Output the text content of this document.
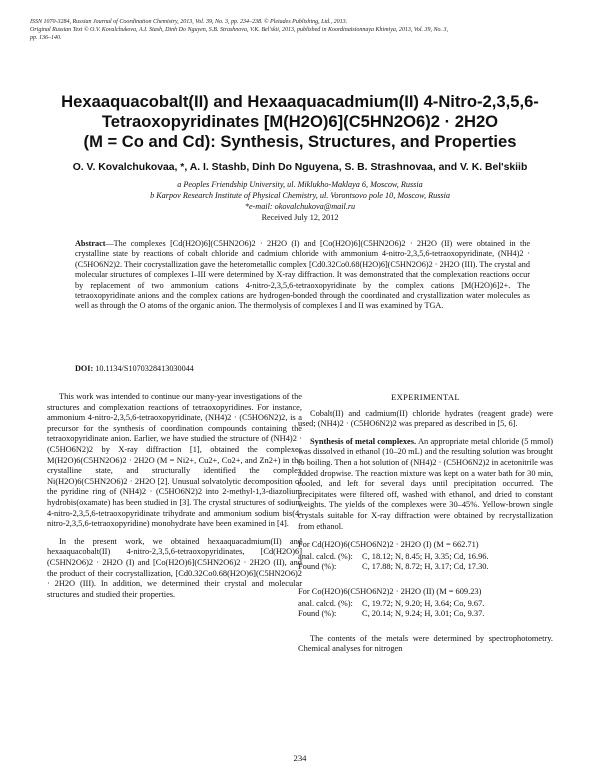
ISSN 1070-3284, Russian Journal of Coordination Chemistry, 2013, Vol. 39, No. 3, pp. 234–238. © Pleiades Publishing, Ltd., 2013.
Original Russian Text © O.V. Kovalchukova, A.I. Stash, Dinh Do Nguyen, S.B. Strashnova, V.K. Bel'skii, 2013, published in Koordinatsionnaya Khimiya, 2013, Vol. 39, No. 3,
pp. 136–140.
Hexaaquacobalt(II) and Hexaaquacadmium(II) 4-Nitro-2,3,5,6-
Tetraoxopyridinates [M(H2O)6](C5HN2O6)2 · 2H2O
(M = Co and Cd): Synthesis, Structures, and Properties
O. V. Kovalchukovaa, *, A. I. Stashb, Dinh Do Nguyena, S. B. Strashnovaa, and V. K. Bel'skiib
a Peoples Friendship University, ul. Miklukho-Maklaya 6, Moscow, Russia
b Karpov Research Institute of Physical Chemistry, ul. Vorontsovo pole 10, Moscow, Russia
*e-mail: okovalchukova@mail.ru
Received July 12, 2012
Abstract—The complexes [Cd(H2O)6](C5HN2O6)2 · 2H2O (I) and [Co(H2O)6](C5HN2O6)2 · 2H2O (II) were obtained in the crystalline state by reactions of cobalt chloride and cadmium chloride with ammonium 4-nitro-2,3,5,6-tetraoxopyridinate, (NH4)2 · (C5HO6N2)2. Their cocrystallization gave the heterometallic complex [Cd0.32Co0.68(H2O)6](C5HN2O6)2 · 2H2O (III). The crystal and molecular structures of complexes I–III were determined by X-ray diffraction. It was demonstrated that the complexation reactions occur by replacement of two ammonium cations 4-nitro-2,3,5,6-tetraoxopyridinate by the complex cations [M(H2O)6]2+. The tetraoxopyridinate anions and the complex cations are hydrogen-bonded through the coordinated and crystallization water molecules as well as through the O atoms of the organic anion. The thermolysis of complexes I and II was examined by TGA.
DOI: 10.1134/S1070328413030044

This work was intended to continue our many-year investigations of the structures and complexation reactions of tetraoxopyridines. For instance, ammonium 4-nitro-2,3,5,6-tetraoxopyridinate, (NH4)2 · (C5HO6N2)2, is a precursor for the synthesis of coordination compounds containing the tetraoxopyridinate anion. Earlier, we have studied the structure of (NH4)2 · (C5HO6N2)2 by X-ray diffraction [1], obtained the complexes M(H2O)6(C5HN2O6)2 · 2H2O (M = Ni2+, Cu2+, Co2+, and Zn2+) in the crystalline state, and structurally identified the complex Ni(H2O)6(C5HN2O6)2 · 2H2O [2]. Unusual solvatolytic decomposition of the pyridine ring of (NH4)2 · (C5HO6N2)2 into 2-methyl-1,3-diazolium hydrobis(oxamate) has been studied in [3]. The crystal structures of sodium 4-nitro-2,3,5,6-tetraoxopyridinate trihydrate and ammonium sodium bis(4-nitro-2,3,5,6-tetraoxopyridine) monohydrate have been examined in [4].

In the present work, we obtained hexaaquacadmium(II) and hexaaquacobalt(II) 4-nitro-2,3,5,6-tetraoxopyridinates, [Cd(H2O)6](C5HN2O6)2 · 2H2O (I) and [Co(H2O)6](C5HN2O6)2 · 2H2O (II), and the product of their cocrystallization, [Cd0.32Co0.68(H2O)6](C5HN2O6)2 · 2H2O (III). In addition, we determined their crystal and molecular structures and studied their properties.

EXPERIMENTAL

Cobalt(II) and cadmium(II) chloride hydrates (reagent grade) were used; (NH4)2 · (C5HO6N2)2 was prepared as described in [5, 6].

Synthesis of metal complexes. An appropriate metal chloride (5 mmol) was dissolved in ethanol (10–20 mL) and the resulting solution was brought to boiling. Then a hot solution of (NH4)2 · (C5HO6N2)2 in acetonitrile was added dropwise. The reaction mixture was kept on a water bath for 30 min, cooled, and left for several days until precipitation occurred. The precipitates were filtered off, washed with ethanol, and dried to constant weights. The yields of the complexes were 30–45%. Yellow-brown single crystals suitable for X-ray diffraction were obtained by recrystallization from ethanol.

For Cd(H2O)6(C5HO6N2)2 · 2H2O (I) (M = 662.71)
anal. calcd. (%):	C, 18.12; N, 8.45; H, 3.35; Cd, 16.96.
Found (%):	C, 17.88; N, 8.72; H, 3.17; Cd, 17.30.
For Co(H2O)6(C5HO6N2)2 · 2H2O (II) (M = 609.23)
anal. calcd. (%):	C, 19.72; N, 9.20; H, 3.64; Co, 9.67.
Found (%):	C, 20.14; N, 9.24; H, 3.01; Co, 9.37.

The contents of the metals were determined by spectrophotometry. Chemical analyses for nitrogen

234
